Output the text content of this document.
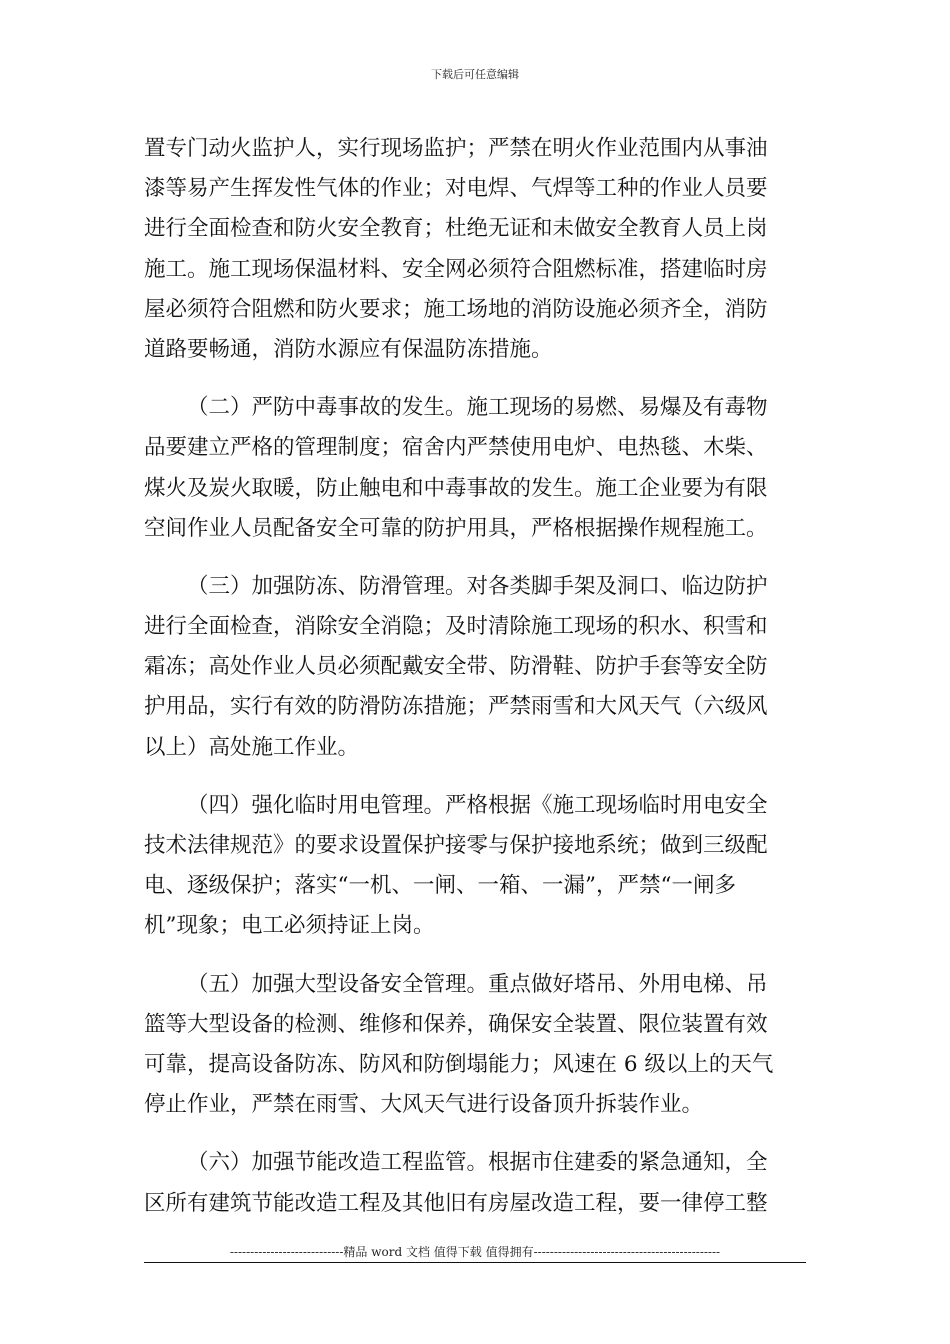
下载后可任意编辑
置专门动火监护人，实行现场监护；严禁在明火作业范围内从事油
漆等易产生挥发性气体的作业；对电焊、气焊等工种的作业人员要
进行全面检查和防火安全教育；杜绝无证和未做安全教育人员上岗
施工。施工现场保温材料、安全网必须符合阻燃标准，搭建临时房
屋必须符合阻燃和防火要求；施工场地的消防设施必须齐全，消防
道路要畅通，消防水源应有保温防冻措施。
（二）严防中毒事故的发生。施工现场的易燃、易爆及有毒物
品要建立严格的管理制度；宿舍内严禁使用电炉、电热毯、木柴、
煤火及炭火取暖，防止触电和中毒事故的发生。施工企业要为有限
空间作业人员配备安全可靠的防护用具，严格根据操作规程施工。
（三）加强防冻、防滑管理。对各类脚手架及洞口、临边防护
进行全面检查，消除安全消隐；及时清除施工现场的积水、积雪和
霜冻；高处作业人员必须配戴安全带、防滑鞋、防护手套等安全防
护用品，实行有效的防滑防冻措施；严禁雨雪和大风天气（六级风
以上）高处施工作业。
（四）强化临时用电管理。严格根据《施工现场临时用电安全
技术法律规范》的要求设置保护接零与保护接地系统；做到三级配
电、逐级保护；落实“一机、一闸、一箱、一漏”，严禁“一闸多
机”现象；电工必须持证上岗。
（五）加强大型设备安全管理。重点做好塔吊、外用电梯、吊
篮等大型设备的检测、维修和保养，确保安全装置、限位装置有效
可靠，提高设备防冻、防风和防倒塌能力；风速在 6 级以上的天气
停止作业，严禁在雨雪、大风天气进行设备顶升拆装作业。
（六）加强节能改造工程监管。根据市住建委的紧急通知，全
区所有建筑节能改造工程及其他旧有房屋改造工程，要一律停工整
----------------------------精品 word 文档 值得下载 值得拥有----------------------------------------------
